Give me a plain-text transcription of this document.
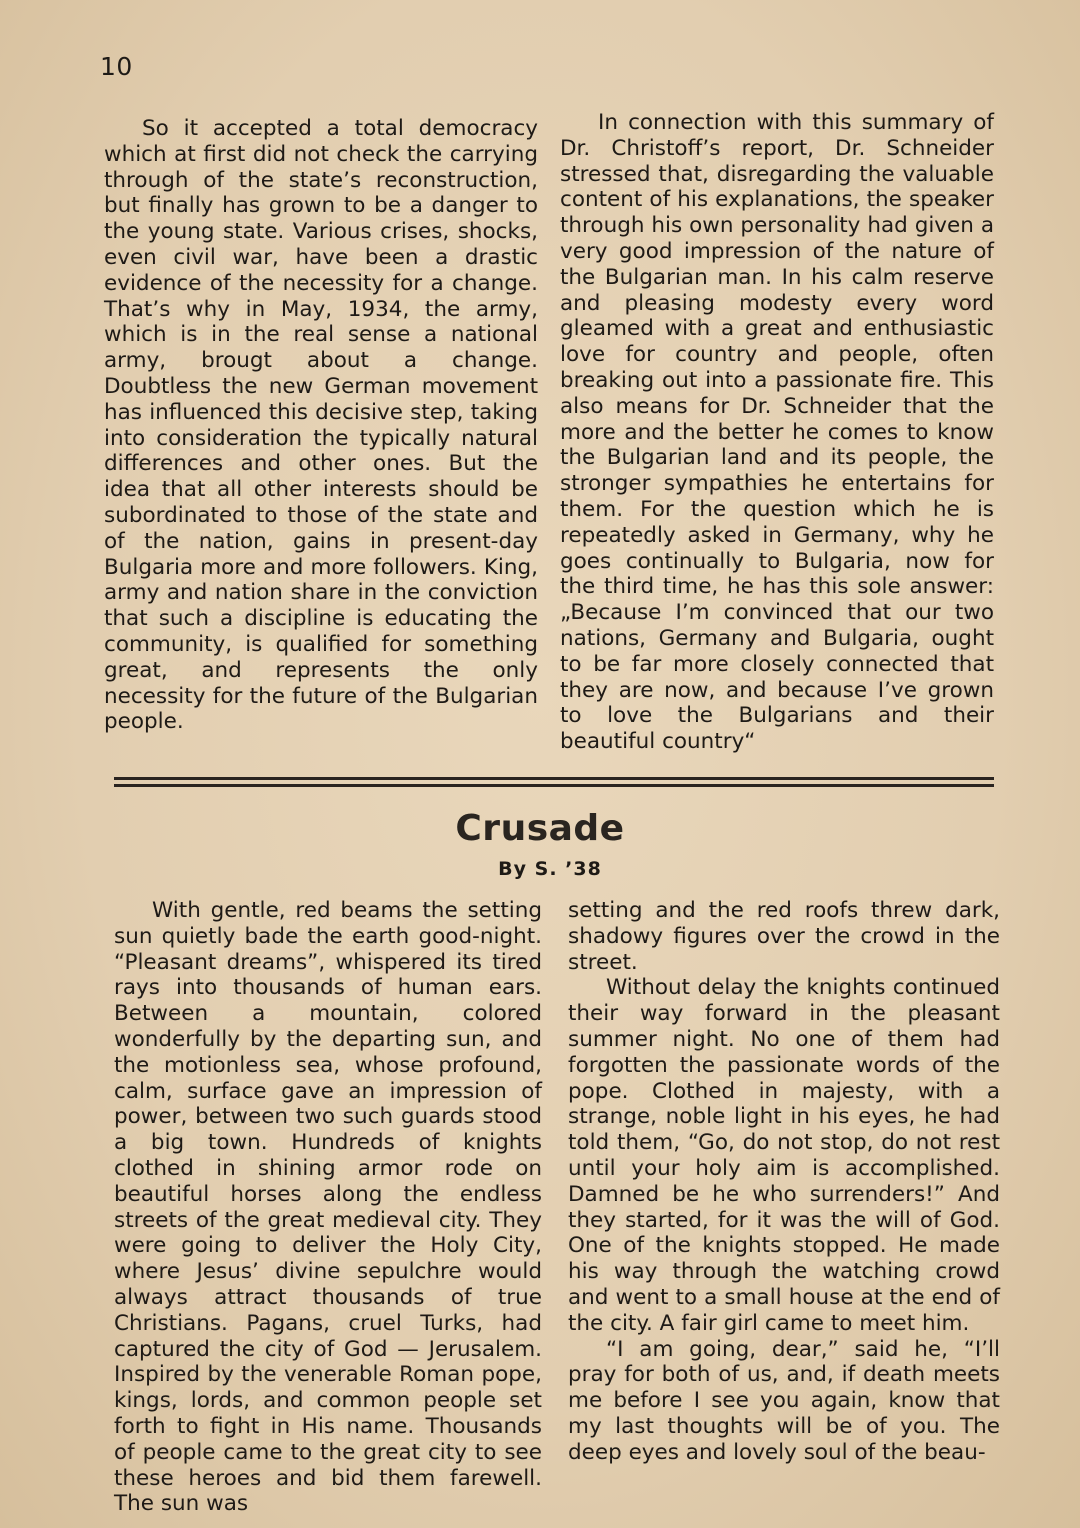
10

So it accepted a total democracy which at first did not check the carrying through of the state’s reconstruction, but finally has grown to be a danger to the young state. Various crises, shocks, even civil war, have been a drastic evidence of the necessity for a change. That’s why in May, 1934, the army, which is in the real sense a national army, brougt about a change. Doubtless the new German movement has influenced this decisive step, taking into consideration the typically natural differences and other ones. But the idea that all other interests should be subordinated to those of the state and of the nation, gains in present-day Bulgaria more and more followers. King, army and nation share in the conviction that such a discipline is educating the community, is qualified for something great, and represents the only necessity for the future of the Bulgarian people.

In connection with this summary of Dr. Christoff’s report, Dr. Schneider stressed that, disregarding the valuable content of his explanations, the speaker through his own personality had given a very good impression of the nature of the Bulgarian man. In his calm reserve and pleasing modesty every word gleamed with a great and enthusiastic love for country and people, often breaking out into a passionate fire. This also means for Dr. Schneider that the more and the better he comes to know the Bulgarian land and its people, the stronger sympathies he entertains for them. For the question which he is repeatedly asked in Germany, why he goes continually to Bulgaria, now for the third time, he has this sole answer: „Because I’m convinced that our two nations, Germany and Bulgaria, ought to be far more closely connected that they are now, and because I’ve grown to love the Bulgarians and their beautiful country“

Crusade
By S. ’38

With gentle, red beams the setting sun quietly bade the earth good-night. “Pleasant dreams”, whispered its tired rays into thousands of human ears. Between a mountain, colored wonderfully by the departing sun, and the motionless sea, whose profound, calm, surface gave an impression of power, between two such guards stood a big town. Hundreds of knights clothed in shining armor rode on beautiful horses along the endless streets of the great medieval city. They were going to deliver the Holy City, where Jesus’ divine sepulchre would always attract thousands of true Christians. Pagans, cruel Turks, had captured the city of God — Jerusalem. Inspired by the venerable Roman pope, kings, lords, and common people set forth to fight in His name. Thousands of people came to the great city to see these heroes and bid them farewell. The sun was

setting and the red roofs threw dark, shadowy figures over the crowd in the street.

Without delay the knights continued their way forward in the pleasant summer night. No one of them had forgotten the passionate words of the pope. Clothed in majesty, with a strange, noble light in his eyes, he had told them, “Go, do not stop, do not rest until your holy aim is accomplished. Damned be he who surrenders!” And they started, for it was the will of God. One of the knights stopped. He made his way through the watching crowd and went to a small house at the end of the city. A fair girl came to meet him.

“I am going, dear,” said he, “I’ll pray for both of us, and, if death meets me before I see you again, know that my last thoughts will be of you. The deep eyes and lovely soul of the beau-
